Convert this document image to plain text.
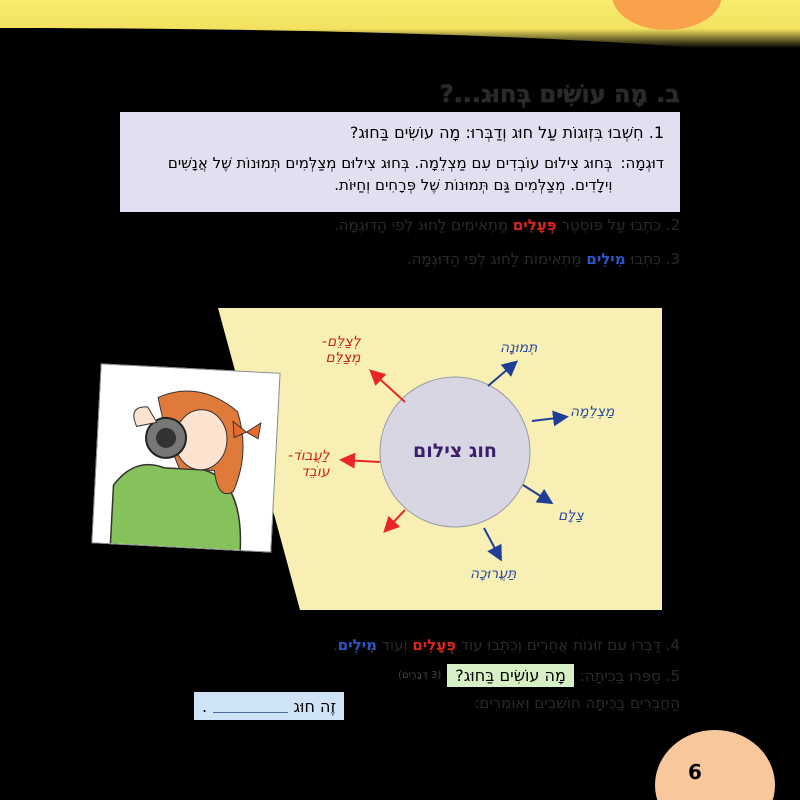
ב. מָה עוֹשִׂים בְּחוּג...?
1. חִשְׁבוּ בִּזְוּגוֹת עַל חוּג וְדַבְּרוּ: מָה עוֹשִׂים בַּחוּג?
דוּגְמָה:
בְּחוּג צִילוּם עוֹבְדִים עִם מַצְלֵמָה. בְּחוּג צִילוּם מְצַלְּמִים תְּמוּנוֹת שֶׁל אֲנָשִׁים וִילָדִים. מְצַלְּמִים גַּם תְּמוּנוֹת שֶׁל פְּרָחִים וְחַיּוֹת.
2. כִּתְבוּ עַל פּוֹסְטֶר פְּעָלִים מַתְאִימִים לַחוּג לְפִי הַדּוּגְמָה.
3. כִּתְבוּ מִילִים מַתְאִימוֹת לַחוּג לְפִי הַדּוּגְמָה.
חוג צילום
לְצַלֵּם-
מְצַלֵּם
לַעֲבוֹד-
עוֹבֵד
תְּמוּנָה
מַצְלֵמָה
צַלָּם
תַּעֲרוּכָה
4. דַּבְּרוּ עִם זוּגוֹת אֲחֵרִים וְכִתְבוּ עוֹד פְּעָלִים וְעוֹד מִילִים.
5. סַפְּרוּ בַּכִּיתָּה:
מָה עוֹשִׂים בַּחוּג?
(3 דְּבָרִים)
הַחֲבֵרִים בַּכִּיתָּה חוֹשְׁבִים וְאוֹמְרִים:
זֶה חוּג
.
6
